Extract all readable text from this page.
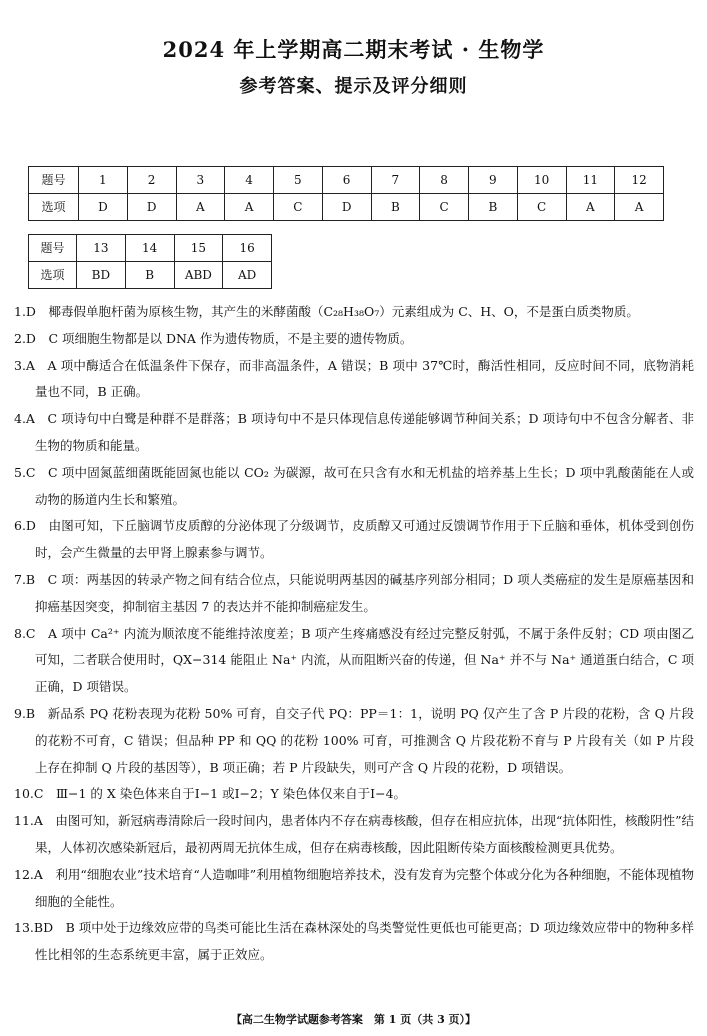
2024 年上学期高二期末考试 · 生物学
参考答案、提示及评分细则
题号	1	2	3	4	5	6	7	8	9	10	11	12
选项	D	D	A	A	C	D	B	C	B	C	A	A
题号	13	14	15	16
选项	BD	B	ABD	AD
1.D  椰毒假单胞杆菌为原核生物，其产生的米酵菌酸（C₂₈H₃₈O₇）元素组成为 C、H、O，不是蛋白质类物质。
2.D  C 项细胞生物都是以 DNA 作为遗传物质，不是主要的遗传物质。
3.A  A 项中酶适合在低温条件下保存，而非高温条件，A 错误；B 项中 37℃时，酶活性相同，反应时间不同，底物消耗量也不同，B 正确。
4.A  C 项诗句中白鹭是种群不是群落；B 项诗句中不是只体现信息传递能够调节种间关系；D 项诗句中不包含分解者、非生物的物质和能量。
5.C  C 项中固氮蓝细菌既能固氮也能以 CO₂ 为碳源，故可在只含有水和无机盐的培养基上生长；D 项中乳酸菌能在人或动物的肠道内生长和繁殖。
6.D  由图可知，下丘脑调节皮质醇的分泌体现了分级调节，皮质醇又可通过反馈调节作用于下丘脑和垂体，机体受到创伤时，会产生微量的去甲肾上腺素参与调节。
7.B  C 项：两基因的转录产物之间有结合位点，只能说明两基因的碱基序列部分相同；D 项人类癌症的发生是原癌基因和抑癌基因突变，抑制宿主基因 7 的表达并不能抑制癌症发生。
8.C  A 项中 Ca²⁺ 内流为顺浓度不能维持浓度差；B 项产生疼痛感没有经过完整反射弧，不属于条件反射；CD 项由图乙可知，二者联合使用时，QX−314 能阻止 Na⁺ 内流，从而阻断兴奋的传递，但 Na⁺ 并不与 Na⁺ 通道蛋白结合，C 项正确，D 项错误。
9.B  新品系 PQ 花粉表现为花粉 50% 可育，自交子代 PQ：PP＝1：1，说明 PQ 仅产生了含 P 片段的花粉，含 Q 片段的花粉不可育，C 错误；但品种 PP 和 QQ 的花粉 100% 可育，可推测含 Q 片段花粉不育与 P 片段有关（如 P 片段上存在抑制 Q 片段的基因等），B 项正确；若 P 片段缺失，则可产含 Q 片段的花粉，D 项错误。
10.C  Ⅲ−1 的 X 染色体来自于Ⅰ−1 或Ⅰ−2；Y 染色体仅来自于Ⅰ−4。
11.A  由图可知，新冠病毒清除后一段时间内，患者体内不存在病毒核酸，但存在相应抗体，出现“抗体阳性，核酸阴性”结果，人体初次感染新冠后，最初两周无抗体生成，但存在病毒核酸，因此阻断传染方面核酸检测更具优势。
12.A  利用“细胞农业”技术培育“人造咖啡”利用植物细胞培养技术，没有发育为完整个体或分化为各种细胞，不能体现植物细胞的全能性。
13.BD  B 项中处于边缘效应带的鸟类可能比生活在森林深处的鸟类警觉性更低也可能更高；D 项边缘效应带中的物种多样性比相邻的生态系统更丰富，属于正效应。
【高二生物学试题参考答案　第 1 页（共 3 页）】
